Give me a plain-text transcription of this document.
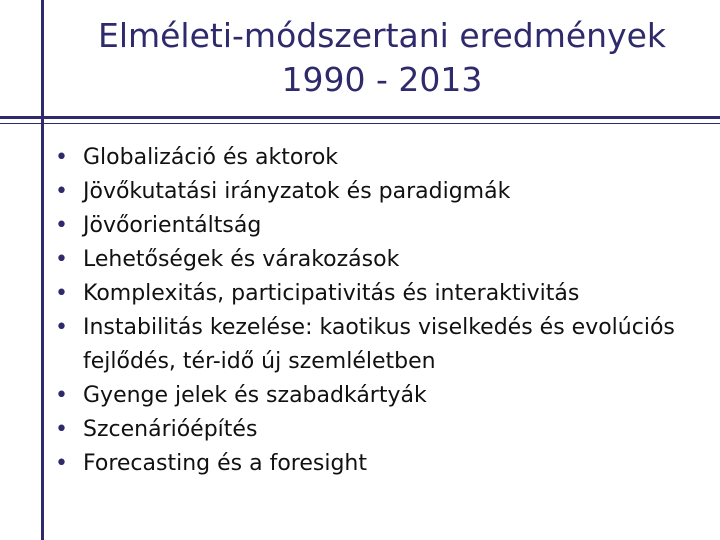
Elméleti-módszertani eredmények
1990 - 2013
• Globalizáció és aktorok
• Jövőkutatási irányzatok és paradigmák
• Jövőorientáltság
• Lehetőségek és várakozások
• Komplexitás, participativitás és interaktivitás
• Instabilitás kezelése: kaotikus viselkedés és evolúciós fejlődés, tér-idő új szemléletben
• Gyenge jelek és szabadkártyák
• Szcenárióépítés
• Forecasting és a foresight
